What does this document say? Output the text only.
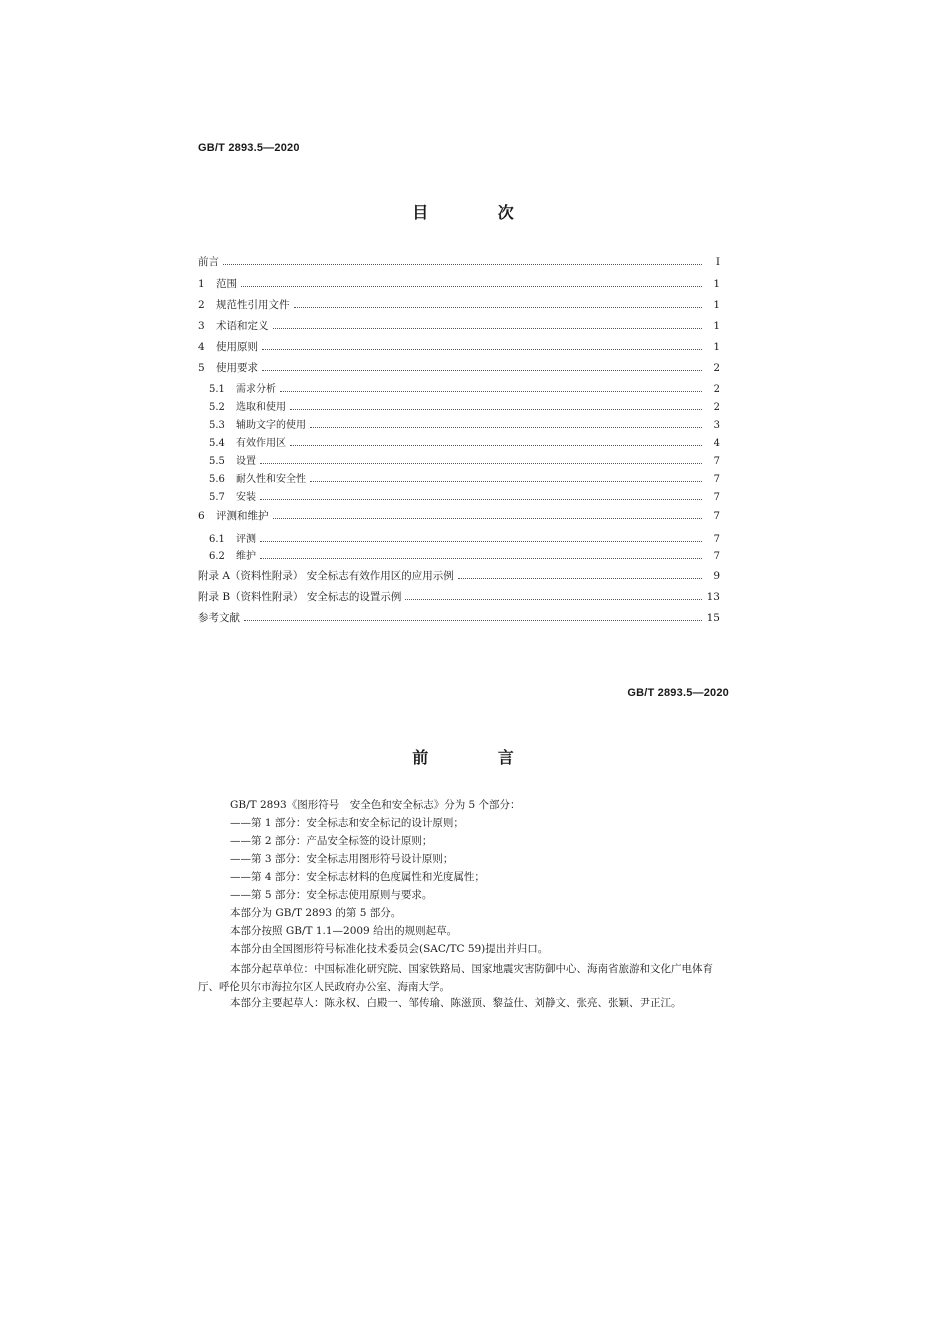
GB/T 2893.5—2020
目 次
前言	Ⅰ
1	范围	1
2	规范性引用文件	1
3	术语和定义	1
4	使用原则	1
5	使用要求	2
5.1	需求分析	2
5.2	选取和使用	2
5.3	辅助文字的使用	3
5.4	有效作用区	4
5.5	设置	7
5.6	耐久性和安全性	7
5.7	安装	7
6	评测和维护	7
6.1	评测	7
6.2	维护	7
附录 A（资料性附录） 安全标志有效作用区的应用示例	9
附录 B（资料性附录） 安全标志的设置示例	13
参考文献	15
GB/T 2893.5—2020
前 言
GB/T 2893《图形符号　安全色和安全标志》分为 5 个部分：
——第 1 部分：安全标志和安全标记的设计原则；
——第 2 部分：产品安全标签的设计原则；
——第 3 部分：安全标志用图形符号设计原则；
——第 4 部分：安全标志材料的色度属性和光度属性；
——第 5 部分：安全标志使用原则与要求。
本部分为 GB/T 2893 的第 5 部分。
本部分按照 GB/T 1.1—2009 给出的规则起草。
本部分由全国图形符号标准化技术委员会(SAC/TC 59)提出并归口。
本部分起草单位：中国标准化研究院、国家铁路局、国家地震灾害防御中心、海南省旅游和文化广电体育厅、呼伦贝尔市海拉尔区人民政府办公室、海南大学。
本部分主要起草人：陈永权、白殿一、邹传瑜、陈滋顶、黎益仕、刘静文、张亮、张颖、尹正江。
